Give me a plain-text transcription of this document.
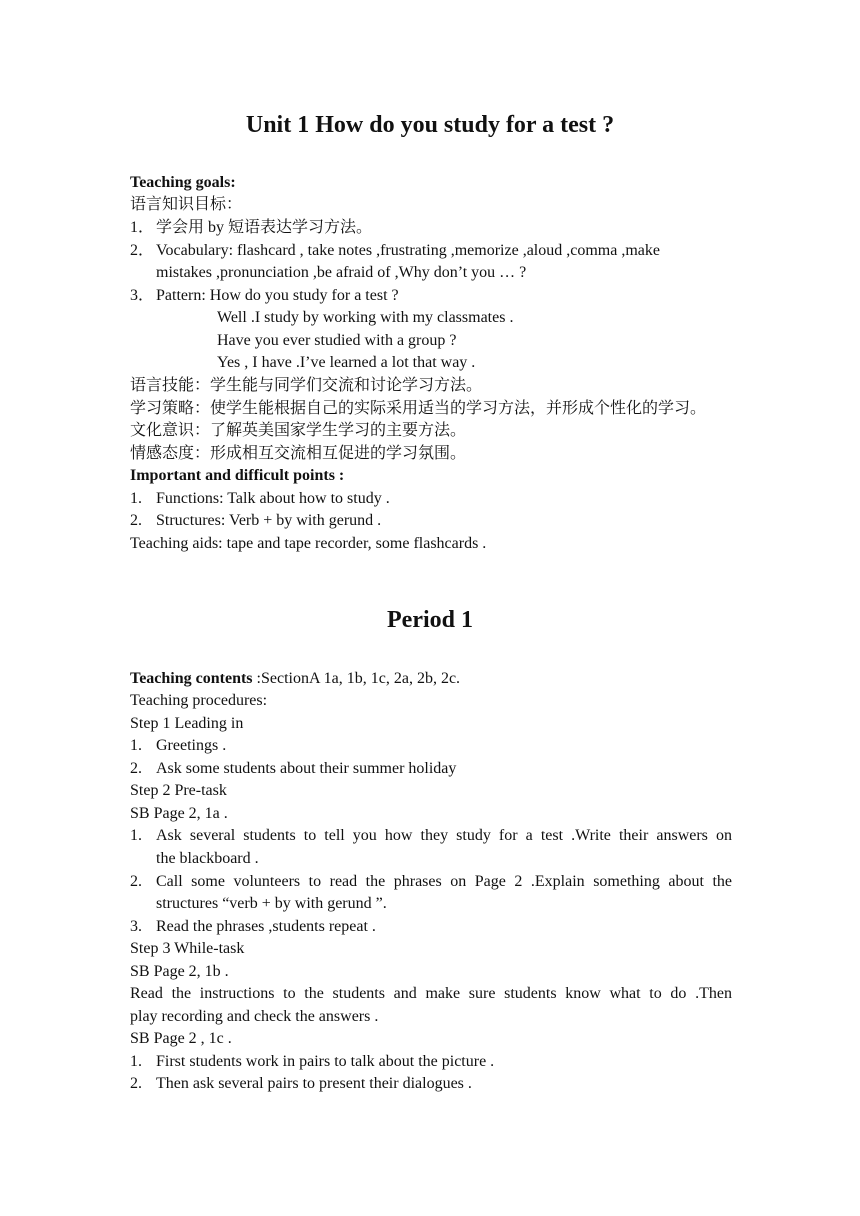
Unit 1 How do you study for a test ?
Teaching goals:
语言知识目标：
1． 学会用 by 短语表达学习方法。
2． Vocabulary: flashcard , take notes ,frustrating ,memorize ,aloud ,comma ,make
mistakes ,pronunciation ,be afraid of ,Why don’t you … ?
3． Pattern: How do you study for a test ?
Well .I study by working with my classmates .
Have you ever studied with a group ?
Yes , I have .I’ve learned a lot that way .
语言技能：学生能与同学们交流和讨论学习方法。
学习策略：使学生能根据自己的实际采用适当的学习方法，并形成个性化的学习。
文化意识：了解英美国家学生学习的主要方法。
情感态度：形成相互交流相互促进的学习氛围。
Important and difficult points :
1. Functions: Talk about how to study .
2. Structures: Verb + by with gerund .
Teaching aids: tape and tape recorder, some flashcards .
Period 1
Teaching contents :SectionA 1a, 1b, 1c, 2a, 2b, 2c.
Teaching procedures:
Step 1 Leading in
1. Greetings .
2. Ask some students about their summer holiday
Step 2 Pre-task
SB Page 2, 1a .
1. Ask several students to tell you how they study for a test .Write their answers on
the blackboard .
2. Call some volunteers to read the phrases on Page 2 .Explain something about the
structures “verb + by with gerund ”.
3. Read the phrases ,students repeat .
Step 3 While-task
SB Page 2, 1b .
Read the instructions to the students and make sure students know what to do .Then
play recording and check the answers .
SB Page 2 , 1c .
1. First students work in pairs to talk about the picture .
2. Then ask several pairs to present their dialogues .
